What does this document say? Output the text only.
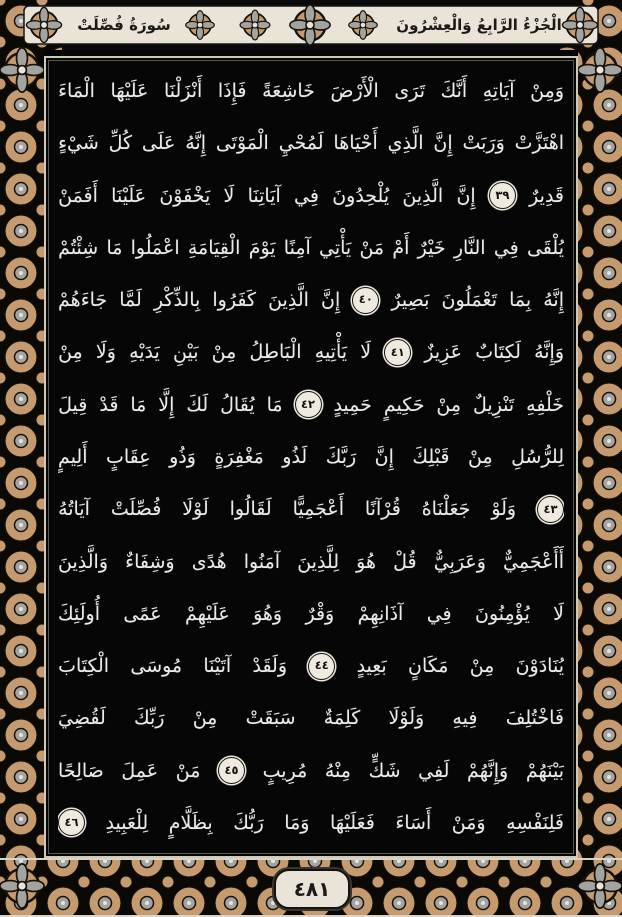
الْجُزْءُ الرَّابِعُ وَالْعِشْرُونَ
سُورَةُ فُصِّلَتْ
وَمِنْ
آيَاتِهِ
أَنَّكَ
تَرَى
الْأَرْضَ
خَاشِعَةً
فَإِذَا
أَنْزَلْنَا
عَلَيْهَا
الْمَاءَ
اهْتَزَّتْ
وَرَبَتْ
إِنَّ
الَّذِي
أَحْيَاهَا
لَمُحْيِ
الْمَوْتَى
إِنَّهُ
عَلَى
كُلِّ
شَيْءٍ
قَدِيرٌ
٣٩
إِنَّ
الَّذِينَ
يُلْحِدُونَ
فِي
آيَاتِنَا
لَا
يَخْفَوْنَ
عَلَيْنَا
أَفَمَنْ
يُلْقَى
فِي
النَّارِ
خَيْرٌ
أَمْ
مَنْ
يَأْتِي
آمِنًا
يَوْمَ
الْقِيَامَةِ
اعْمَلُوا
مَا
شِئْتُمْ
إِنَّهُ
بِمَا
تَعْمَلُونَ
بَصِيرٌ
٤٠
إِنَّ
الَّذِينَ
كَفَرُوا
بِالذِّكْرِ
لَمَّا
جَاءَهُمْ
وَإِنَّهُ
لَكِتَابٌ
عَزِيزٌ
٤١
لَا
يَأْتِيهِ
الْبَاطِلُ
مِنْ
بَيْنِ
يَدَيْهِ
وَلَا
مِنْ
خَلْفِهِ
تَنْزِيلٌ
مِنْ
حَكِيمٍ
حَمِيدٍ
٤٢
مَا
يُقَالُ
لَكَ
إِلَّا
مَا
قَدْ
قِيلَ
لِلرُّسُلِ
مِنْ
قَبْلِكَ
إِنَّ
رَبَّكَ
لَذُو
مَغْفِرَةٍ
وَذُو
عِقَابٍ
أَلِيمٍ
٤٣
وَلَوْ
جَعَلْنَاهُ
قُرْآنًا
أَعْجَمِيًّا
لَقَالُوا
لَوْلَا
فُصِّلَتْ
آيَاتُهُ
أَأَعْجَمِيٌّ
وَعَرَبِيٌّ
قُلْ
هُوَ
لِلَّذِينَ
آمَنُوا
هُدًى
وَشِفَاءٌ
وَالَّذِينَ
لَا
يُؤْمِنُونَ
فِي
آذَانِهِمْ
وَقْرٌ
وَهُوَ
عَلَيْهِمْ
عَمًى
أُولَئِكَ
يُنَادَوْنَ
مِنْ
مَكَانٍ
بَعِيدٍ
٤٤
وَلَقَدْ
آتَيْنَا
مُوسَى
الْكِتَابَ
فَاخْتُلِفَ
فِيهِ
وَلَوْلَا
كَلِمَةٌ
سَبَقَتْ
مِنْ
رَبِّكَ
لَقُضِيَ
بَيْنَهُمْ
وَإِنَّهُمْ
لَفِي
شَكٍّ
مِنْهُ
مُرِيبٍ
٤٥
مَنْ
عَمِلَ
صَالِحًا
فَلِنَفْسِهِ
وَمَنْ
أَسَاءَ
فَعَلَيْهَا
وَمَا
رَبُّكَ
بِظَلَّامٍ
لِلْعَبِيدِ
٤٦
٤٨١
